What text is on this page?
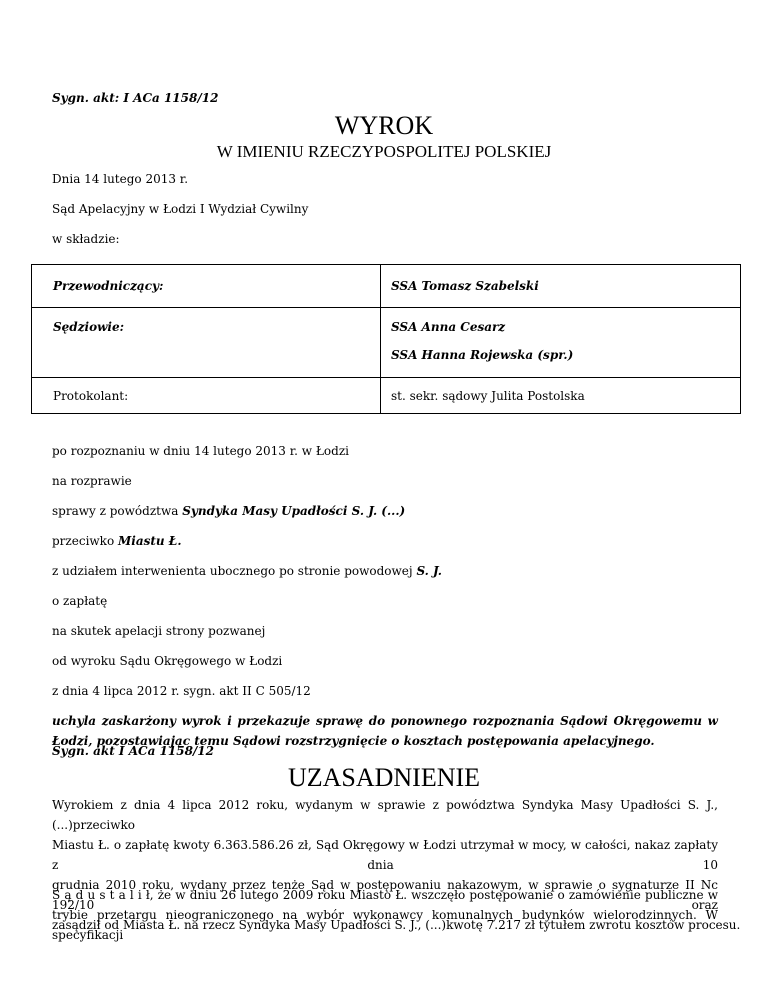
Sygn. akt: I ACa 1158/12
WYROK
W IMIENIU RZECZYPOSPOLITEJ POLSKIEJ
Dnia 14 lutego 2013 r.
Sąd Apelacyjny w Łodzi I Wydział Cywilny
w składzie:
Przewodniczący:	SSA Tomasz Szabelski
Sędziowie:	SSA Anna Cesarz
SSA Hanna Rojewska (spr.)
Protokolant:	st. sekr. sądowy Julita Postolska
po rozpoznaniu w dniu 14 lutego 2013 r. w Łodzi
na rozprawie
sprawy z powództwa Syndyka Masy Upadłości S. J. (...)
przeciwko Miastu Ł.
z udziałem interwenienta ubocznego po stronie powodowej S. J.
o zapłatę
na skutek apelacji strony pozwanej
od wyroku Sądu Okręgowego w Łodzi
z dnia 4 lipca 2012 r. sygn. akt II C 505/12
uchyla zaskarżony wyrok i przekazuje sprawę do ponownego rozpoznania Sądowi Okręgowemu w
Łodzi, pozostawiając temu Sądowi rozstrzygnięcie o kosztach postępowania apelacyjnego.
Sygn. akt I ACa 1158/12
UZASADNIENIE
Wyrokiem z dnia 4 lipca 2012 roku, wydanym w sprawie z powództwa Syndyka Masy Upadłości S. J., (...)przeciwko
Miastu Ł. o zapłatę kwoty 6.363.586.26 zł, Sąd Okręgowy w Łodzi utrzymał w mocy, w całości, nakaz zapłaty z dnia 10
grudnia 2010 roku, wydany przez tenże Sąd w postępowaniu nakazowym, w sprawie o sygnaturze II Nc 192/10 oraz
zasądził od Miasta Ł. na rzecz Syndyka Masy Upadłości S. J., (...)kwotę 7.217 zł tytułem zwrotu kosztów procesu.
S ą d u s t a l i ł, że w dniu 26 lutego 2009 roku Miasto Ł. wszczęło postępowanie o zamówienie publiczne w
trybie przetargu nieograniczonego na wybór wykonawcy komunalnych budynków wielorodzinnych. W specyfikacji
